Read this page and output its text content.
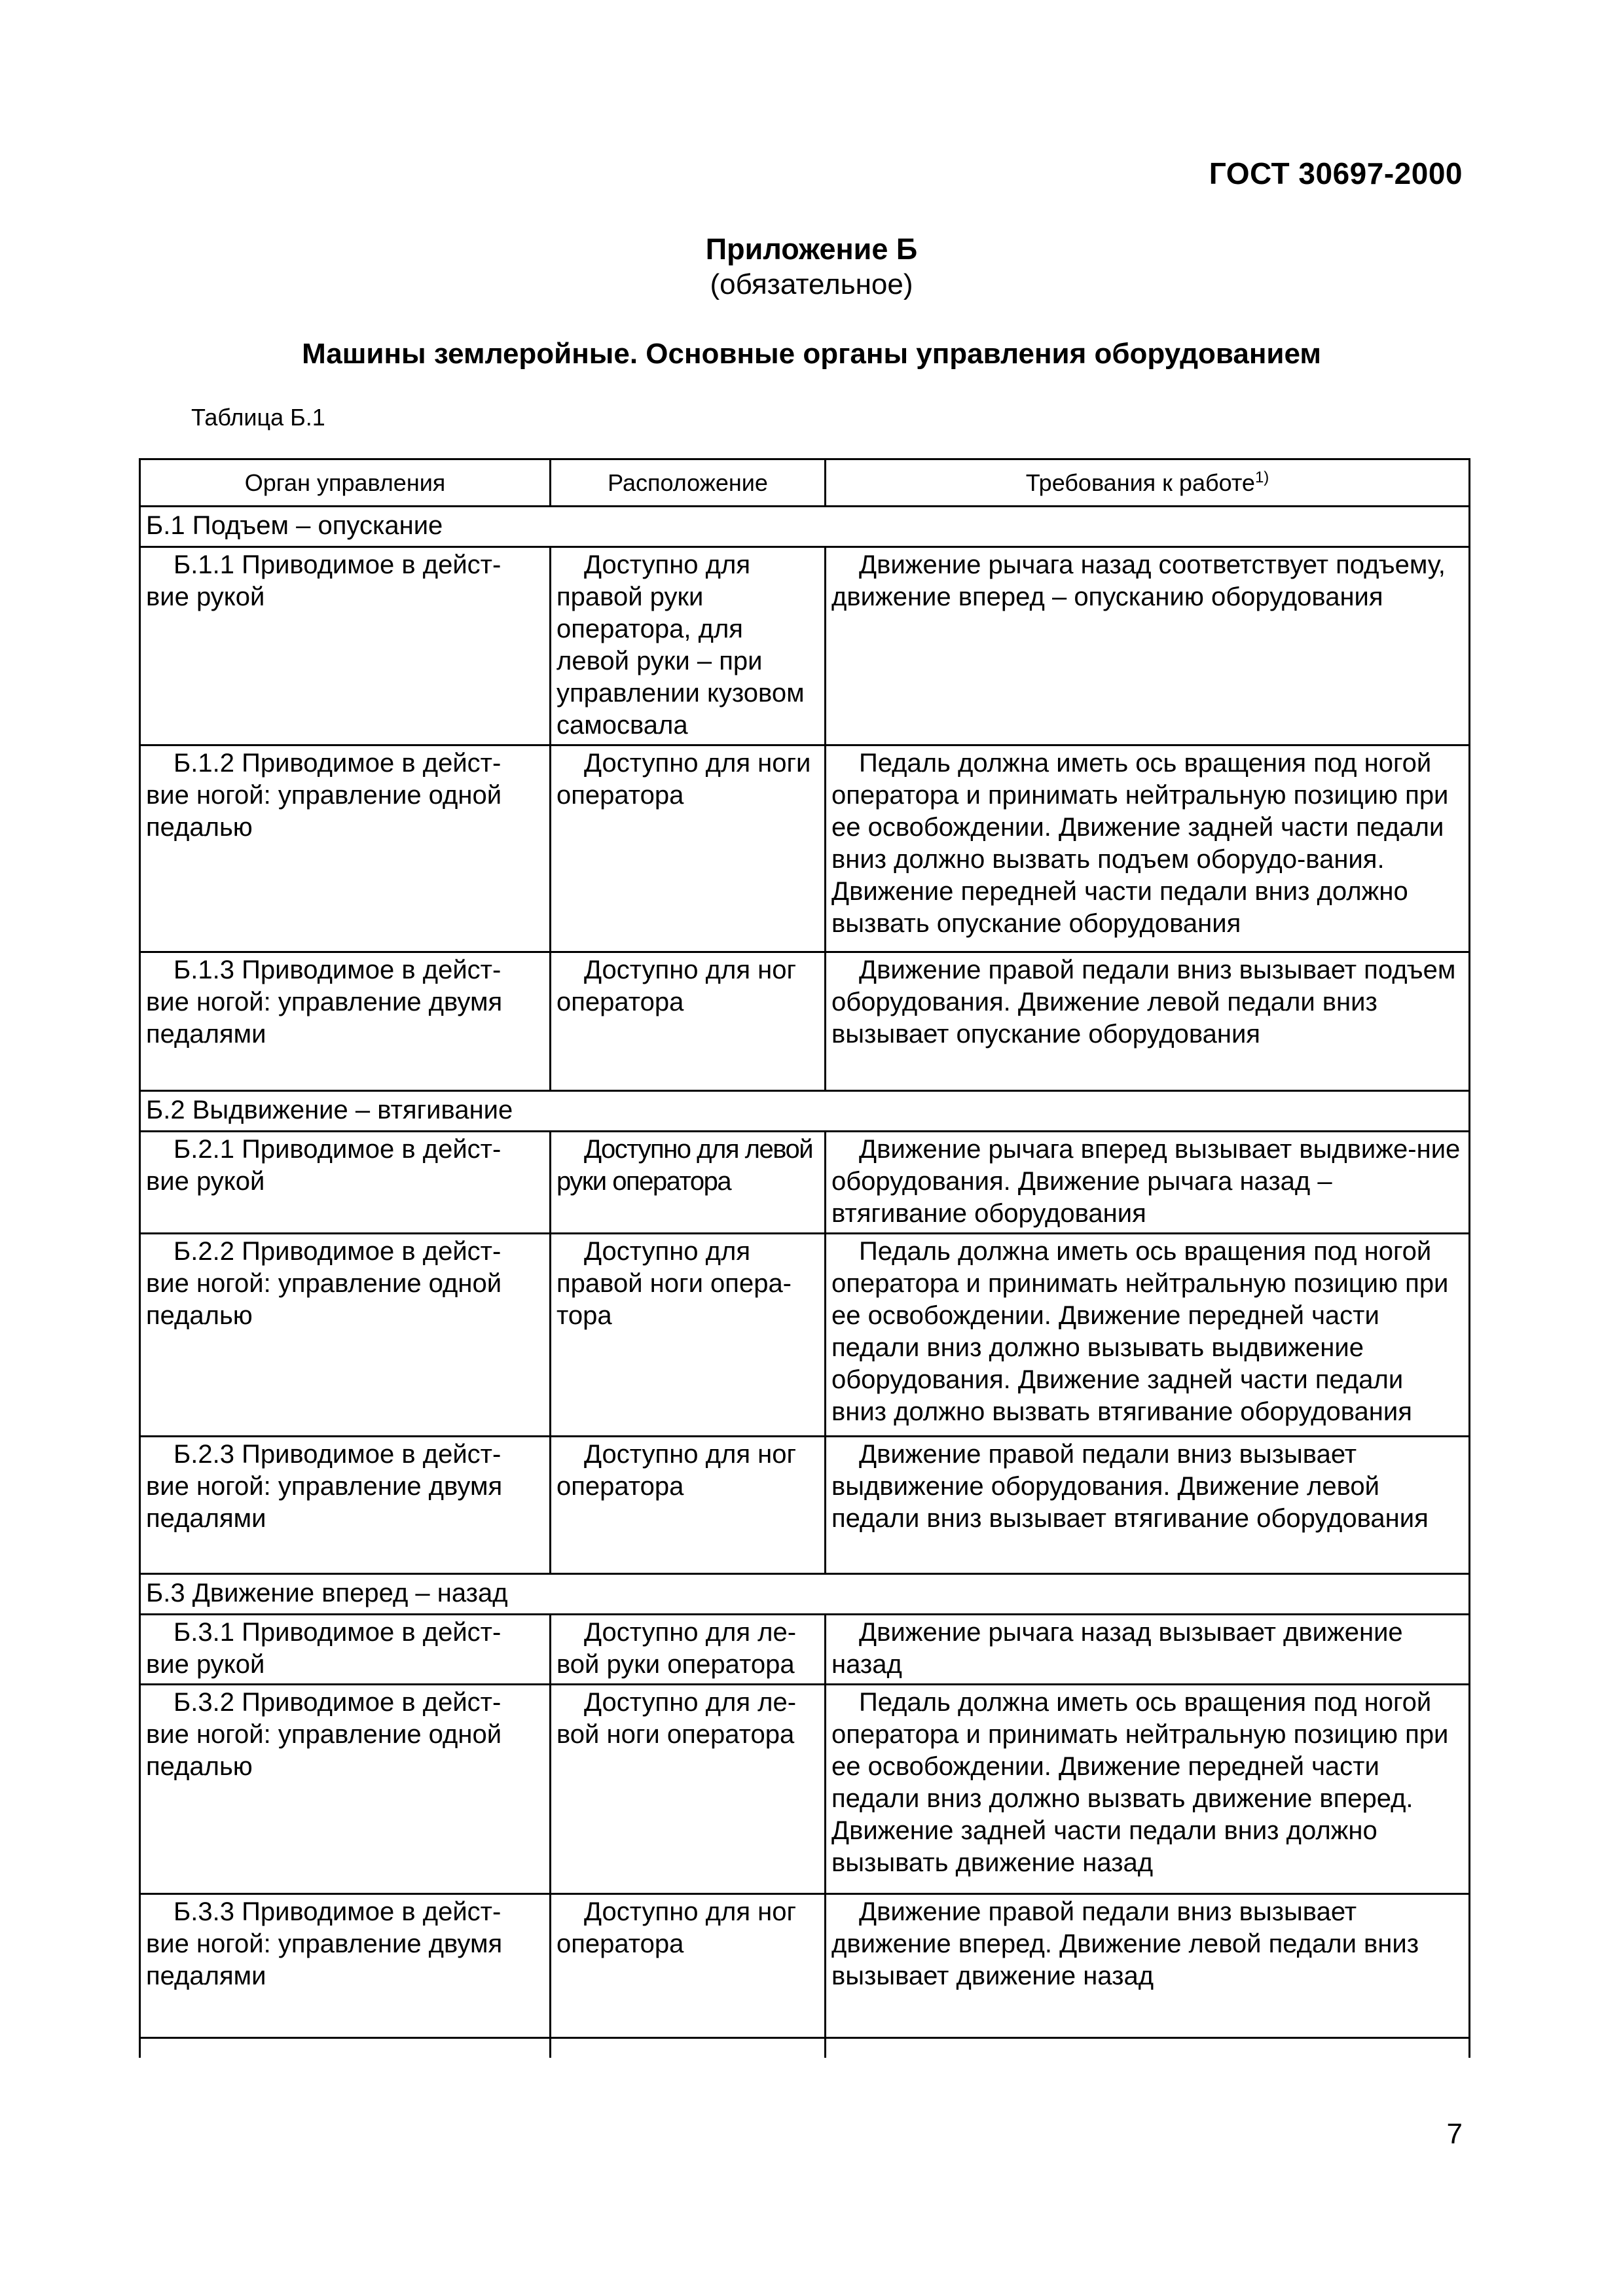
ГОСТ 30697-2000
Приложение Б
(обязательное)
Машины землеройные. Основные органы управления оборудованием
Таблица Б.1
Орган управления	Расположение	Требования к работе$^{1)}$
Б.1 Подъем – опускание		
Б.1.1 Приводимое в дейст-вие рукой	Доступно для правой руки оператора, для левой руки – при управлении кузовом самосвала	Движение рычага назад соответствует подъему, движение вперед – опусканию оборудования
Б.1.2 Приводимое в дейст-вие ногой: управление одной педалью	Доступно для ноги оператора	Педаль должна иметь ось вращения под ногой оператора и принимать нейтральную позицию при ее освобождении. Движение задней части педали вниз должно вызвать подъем оборудо-вания. Движение передней части педали вниз должно вызвать опускание оборудования
Б.1.3 Приводимое в дейст-вие ногой: управление двумя педалями	Доступно для ног оператора	Движение правой педали вниз вызывает подъем оборудования. Движение левой педали вниз вызывает опускание оборудования
Б.2 Выдвижение – втягивание		
Б.2.1 Приводимое в дейст-вие рукой	Доступно для левой руки оператора	Движение рычага вперед вызывает выдвиже-ние оборудования. Движение рычага назад – втягивание оборудования
Б.2.2 Приводимое в дейст-вие ногой: управление одной педалью	Доступно для правой ноги опера-тора	Педаль должна иметь ось вращения под ногой оператора и принимать нейтральную позицию при ее освобождении. Движение передней части педали вниз должно вызывать выдвижение оборудования. Движение задней части педали вниз должно вызвать втягивание оборудования
Б.2.3 Приводимое в дейст-вие ногой: управление двумя педалями	Доступно для ног оператора	Движение правой педали вниз вызывает выдвижение оборудования. Движение левой педали вниз вызывает втягивание оборудования
Б.3 Движение вперед – назад		
Б.3.1 Приводимое в дейст-вие рукой	Доступно для ле-вой руки оператора	Движение рычага назад вызывает движение назад
Б.3.2 Приводимое в дейст-вие ногой: управление одной педалью	Доступно для ле-вой ноги оператора	Педаль должна иметь ось вращения под ногой оператора и принимать нейтральную позицию при ее освобождении. Движение передней части педали вниз должно вызвать движение вперед. Движение задней части педали вниз должно вызывать движение назад
Б.3.3 Приводимое в дейст-вие ногой: управление двумя педалями	Доступно для ног оператора	Движение правой педали вниз вызывает движение вперед. Движение левой педали вниз вызывает движение назад

7
